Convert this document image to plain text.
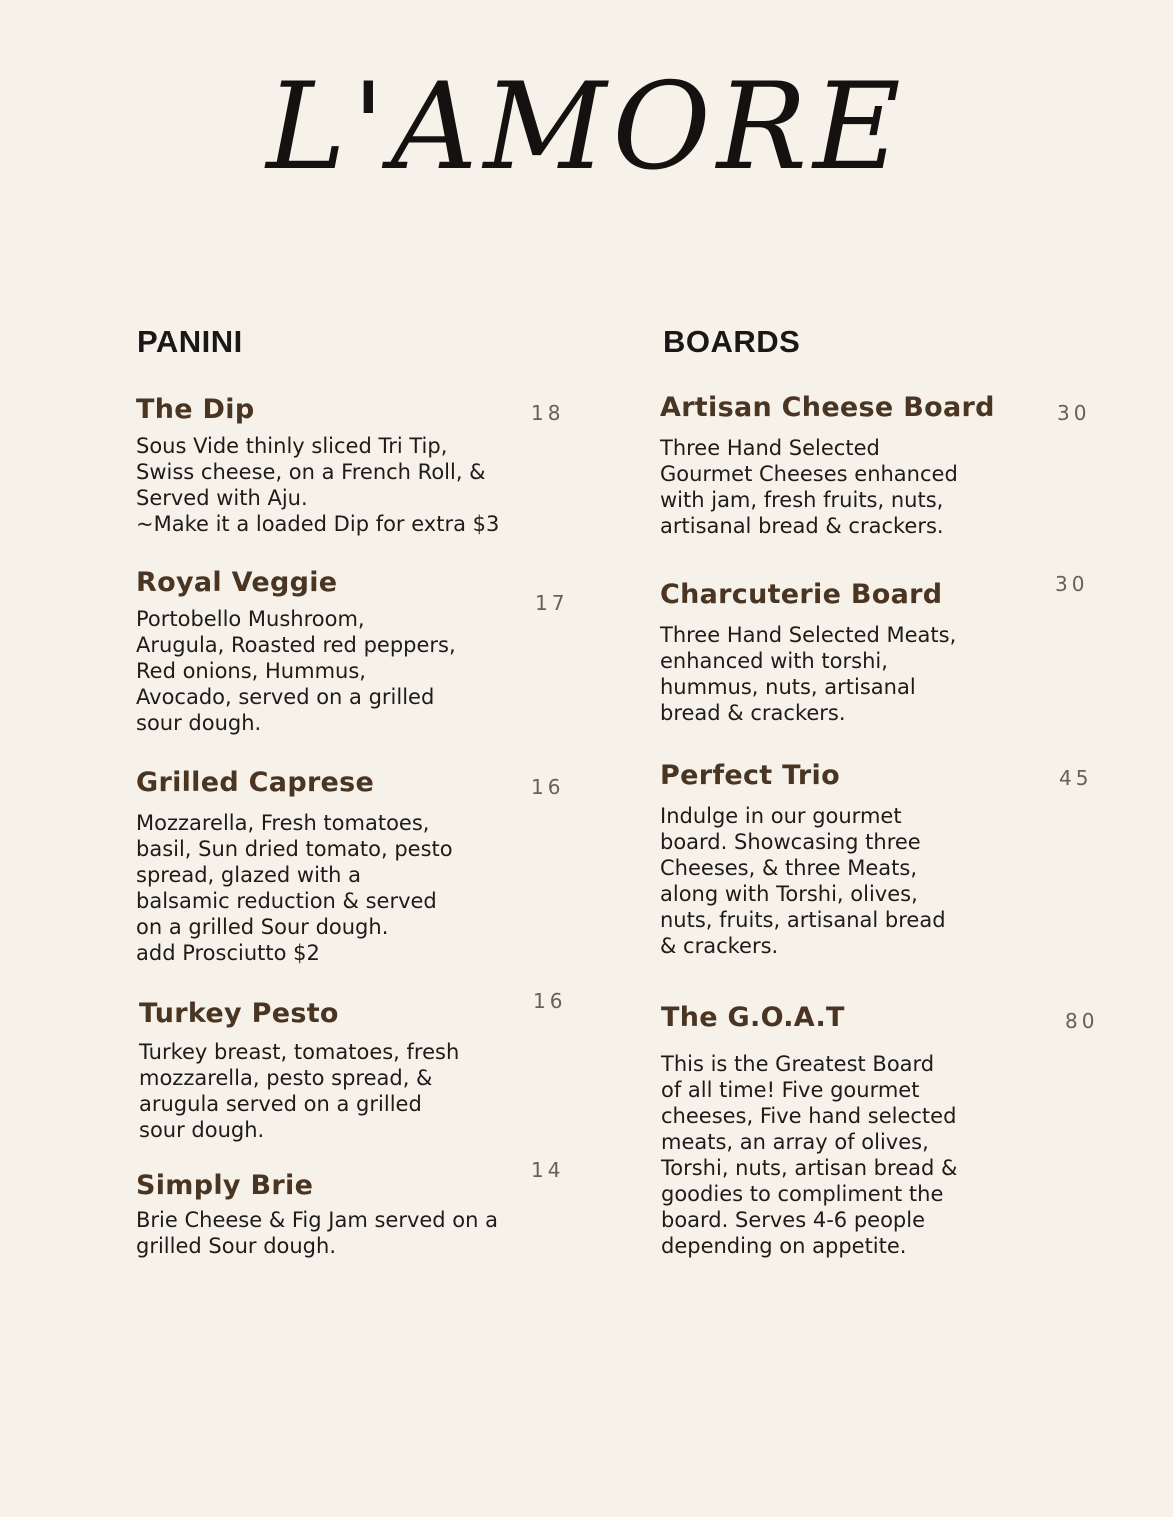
L'AMORE
PANINI
The Dip

Sous Vide thinly sliced Tri Tip,
Swiss cheese, on a French Roll, &
Served with Aju.
~Make it a loaded Dip for extra $3

18
Royal Veggie

Portobello Mushroom,
Arugula, Roasted red peppers,
Red onions, Hummus,
Avocado, served on a grilled
sour dough.

17
Grilled Caprese

Mozzarella, Fresh tomatoes,
basil, Sun dried tomato, pesto
spread, glazed with a
balsamic reduction & served
on a grilled Sour dough.
add Prosciutto $2

16
Turkey Pesto

Turkey breast, tomatoes, fresh
mozzarella, pesto spread, &
arugula served on a grilled
sour dough.

16
Simply Brie

Brie Cheese & Fig Jam served on a
grilled Sour dough.

14
BOARDS
Artisan Cheese Board

Three Hand Selected
Gourmet Cheeses enhanced
with jam, fresh fruits, nuts,
artisanal bread & crackers.

30
Charcuterie Board

Three Hand Selected Meats,
enhanced with torshi,
hummus, nuts, artisanal
bread & crackers.

30
Perfect Trio

Indulge in our gourmet
board. Showcasing three
Cheeses, & three Meats,
along with Torshi, olives,
nuts, fruits, artisanal bread
& crackers.

45
The G.O.A.T

This is the Greatest Board
of all time! Five gourmet
cheeses, Five hand selected
meats, an array of olives,
Torshi, nuts, artisan bread &
goodies to compliment the
board. Serves 4-6 people
depending on appetite.

80
